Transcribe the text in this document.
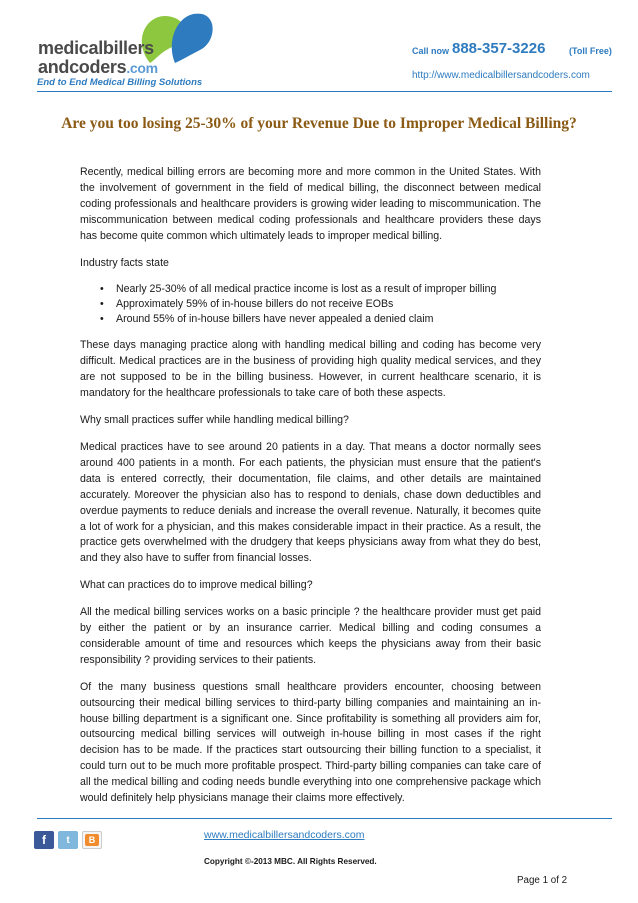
medicalbillers
andcoders.com
End to End Medical Billing Solutions
Call now 888-357-3226	(Toll Free)
http://www.medicalbillersandcoders.com
Are you too losing 25-30% of your Revenue Due to Improper Medical Billing?

Recently, medical billing errors are becoming more and more common in the United States. With the involvement of government in the field of medical billing, the disconnect between medical coding professionals and healthcare providers is growing wider leading to miscommunication. The miscommunication between medical coding professionals and healthcare providers these days has become quite common which ultimately leads to improper medical billing.

Industry facts state

• Nearly 25-30% of all medical practice income is lost as a result of improper billing
• Approximately 59% of in-house billers do not receive EOBs
• Around 55% of in-house billers have never appealed a denied claim

These days managing practice along with handling medical billing and coding has become very difficult. Medical practices are in the business of providing high quality medical services, and they are not supposed to be in the billing business. However, in current healthcare scenario, it is mandatory for the healthcare professionals to take care of both these aspects.

Why small practices suffer while handling medical billing?

Medical practices have to see around 20 patients in a day. That means a doctor normally sees around 400 patients in a month. For each patients, the physician must ensure that the patient's data is entered correctly, their documentation, file claims, and other details are maintained accurately. Moreover the physician also has to respond to denials, chase down deductibles and overdue payments to reduce denials and increase the overall revenue. Naturally, it becomes quite a lot of work for a physician, and this makes considerable impact in their practice. As a result, the practice gets overwhelmed with the drudgery that keeps physicians away from what they do best, and they also have to suffer from financial losses.

What can practices do to improve medical billing?

All the medical billing services works on a basic principle ? the healthcare provider must get paid by either the patient or by an insurance carrier. Medical billing and coding consumes a considerable amount of time and resources which keeps the physicians away from their basic responsibility ? providing services to their patients.

Of the many business questions small healthcare providers encounter, choosing between outsourcing their medical billing services to third-party billing companies and maintaining an in-house billing department is a significant one. Since profitability is something all providers aim for, outsourcing medical billing services will outweigh in-house billing in most cases if the right decision has to be made. If the practices start outsourcing their billing function to a specialist, it could turn out to be much more profitable prospect. Third-party billing companies can take care of all the medical billing and coding needs bundle everything into one comprehensive package which would definitely help physicians manage their claims more effectively.

f	t	B	www.medicalbillersandcoders.com
Copyright ©-2013 MBC. All Rights Reserved.
Page 1 of 2
